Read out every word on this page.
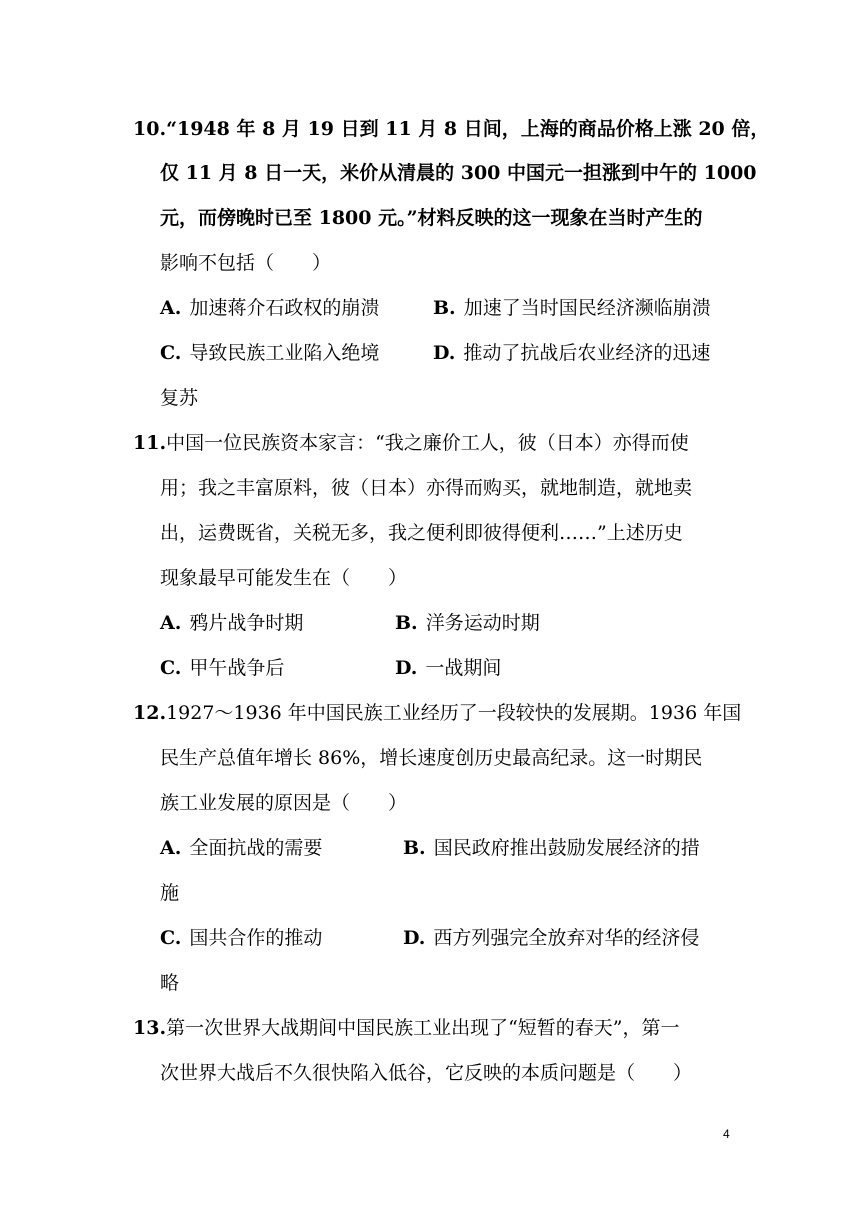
10.“1948 年 8 月 19 日到 11 月 8 日间，上海的商品价格上涨 20 倍，
仅 11 月 8 日一天，米价从清晨的 300 中国元一担涨到中午的 1000
元，而傍晚时已至 1800 元。”材料反映的这一现象在当时产生的
影响不包括（　　）
A. 加速蒋介石政权的崩溃	B. 加速了当时国民经济濒临崩溃
C. 导致民族工业陷入绝境	D. 推动了抗战后农业经济的迅速
复苏
11.中国一位民族资本家言：“我之廉价工人，彼（日本）亦得而使
用；我之丰富原料，彼（日本）亦得而购买，就地制造，就地卖
出，运费既省，关税无多，我之便利即彼得便利……”上述历史
现象最早可能发生在（　　）
A. 鸦片战争时期	B. 洋务运动时期
C. 甲午战争后	D. 一战期间
12.1927～1936 年中国民族工业经历了一段较快的发展期。1936 年国
民生产总值年增长 86%，增长速度创历史最高纪录。这一时期民
族工业发展的原因是（　　）
A. 全面抗战的需要	B. 国民政府推出鼓励发展经济的措
施
C. 国共合作的推动	D. 西方列强完全放弃对华的经济侵
略
13.第一次世界大战期间中国民族工业出现了“短暂的春天”，第一
次世界大战后不久很快陷入低谷，它反映的本质问题是（　　）
4
